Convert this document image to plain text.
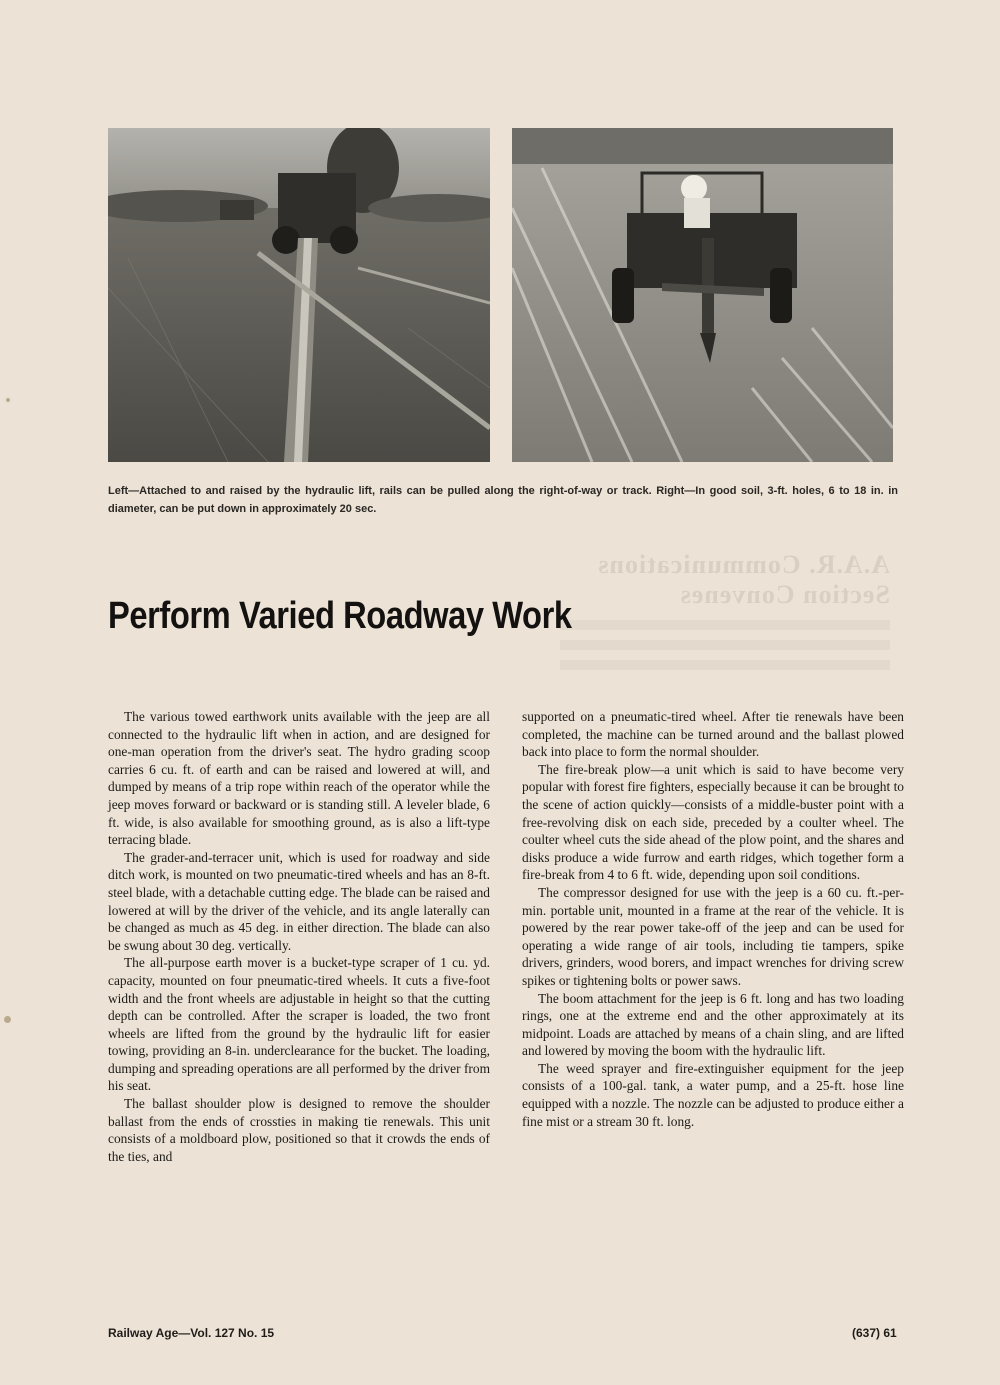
Left—Attached to and raised by the hydraulic lift, rails can be pulled along the right-of-way or track. Right—In good soil, 3-ft. holes, 6 to 18 in. in diameter, can be put down in approximately 20 sec.
A.A.R. Communications Section Convenes
Perform Varied Roadway Work

The various towed earthwork units available with the jeep are all connected to the hydraulic lift when in action, and are designed for one-man operation from the driver's seat. The hydro grading scoop carries 6 cu. ft. of earth and can be raised and lowered at will, and dumped by means of a trip rope within reach of the operator while the jeep moves forward or backward or is standing still. A leveler blade, 6 ft. wide, is also available for smoothing ground, as is also a lift-type terracing blade.

The grader-and-terracer unit, which is used for roadway and side ditch work, is mounted on two pneumatic-tired wheels and has an 8-ft. steel blade, with a detachable cutting edge. The blade can be raised and lowered at will by the driver of the vehicle, and its angle laterally can be changed as much as 45 deg. in either direction. The blade can also be swung about 30 deg. vertically.

The all-purpose earth mover is a bucket-type scraper of 1 cu. yd. capacity, mounted on four pneumatic-tired wheels. It cuts a five-foot width and the front wheels are adjustable in height so that the cutting depth can be controlled. After the scraper is loaded, the two front wheels are lifted from the ground by the hydraulic lift for easier towing, providing an 8-in. underclearance for the bucket. The loading, dumping and spreading operations are all performed by the driver from his seat.

The ballast shoulder plow is designed to remove the shoulder ballast from the ends of crossties in making tie renewals. This unit consists of a moldboard plow, positioned so that it crowds the ends of the ties, and

supported on a pneumatic-tired wheel. After tie renewals have been completed, the machine can be turned around and the ballast plowed back into place to form the normal shoulder.

The fire-break plow—a unit which is said to have become very popular with forest fire fighters, especially because it can be brought to the scene of action quickly—consists of a middle-buster point with a free-revolving disk on each side, preceded by a coulter wheel. The coulter wheel cuts the side ahead of the plow point, and the shares and disks produce a wide furrow and earth ridges, which together form a fire-break from 4 to 6 ft. wide, depending upon soil conditions.

The compressor designed for use with the jeep is a 60 cu. ft.-per-min. portable unit, mounted in a frame at the rear of the vehicle. It is powered by the rear power take-off of the jeep and can be used for operating a wide range of air tools, including tie tampers, spike drivers, grinders, wood borers, and impact wrenches for driving screw spikes or tightening bolts or power saws.

The boom attachment for the jeep is 6 ft. long and has two loading rings, one at the extreme end and the other approximately at its midpoint. Loads are attached by means of a chain sling, and are lifted and lowered by moving the boom with the hydraulic lift.

The weed sprayer and fire-extinguisher equipment for the jeep consists of a 100-gal. tank, a water pump, and a 25-ft. hose line equipped with a nozzle. The nozzle can be adjusted to produce either a fine mist or a stream 30 ft. long.

Railway Age—Vol. 127 No. 15	(637) 61
